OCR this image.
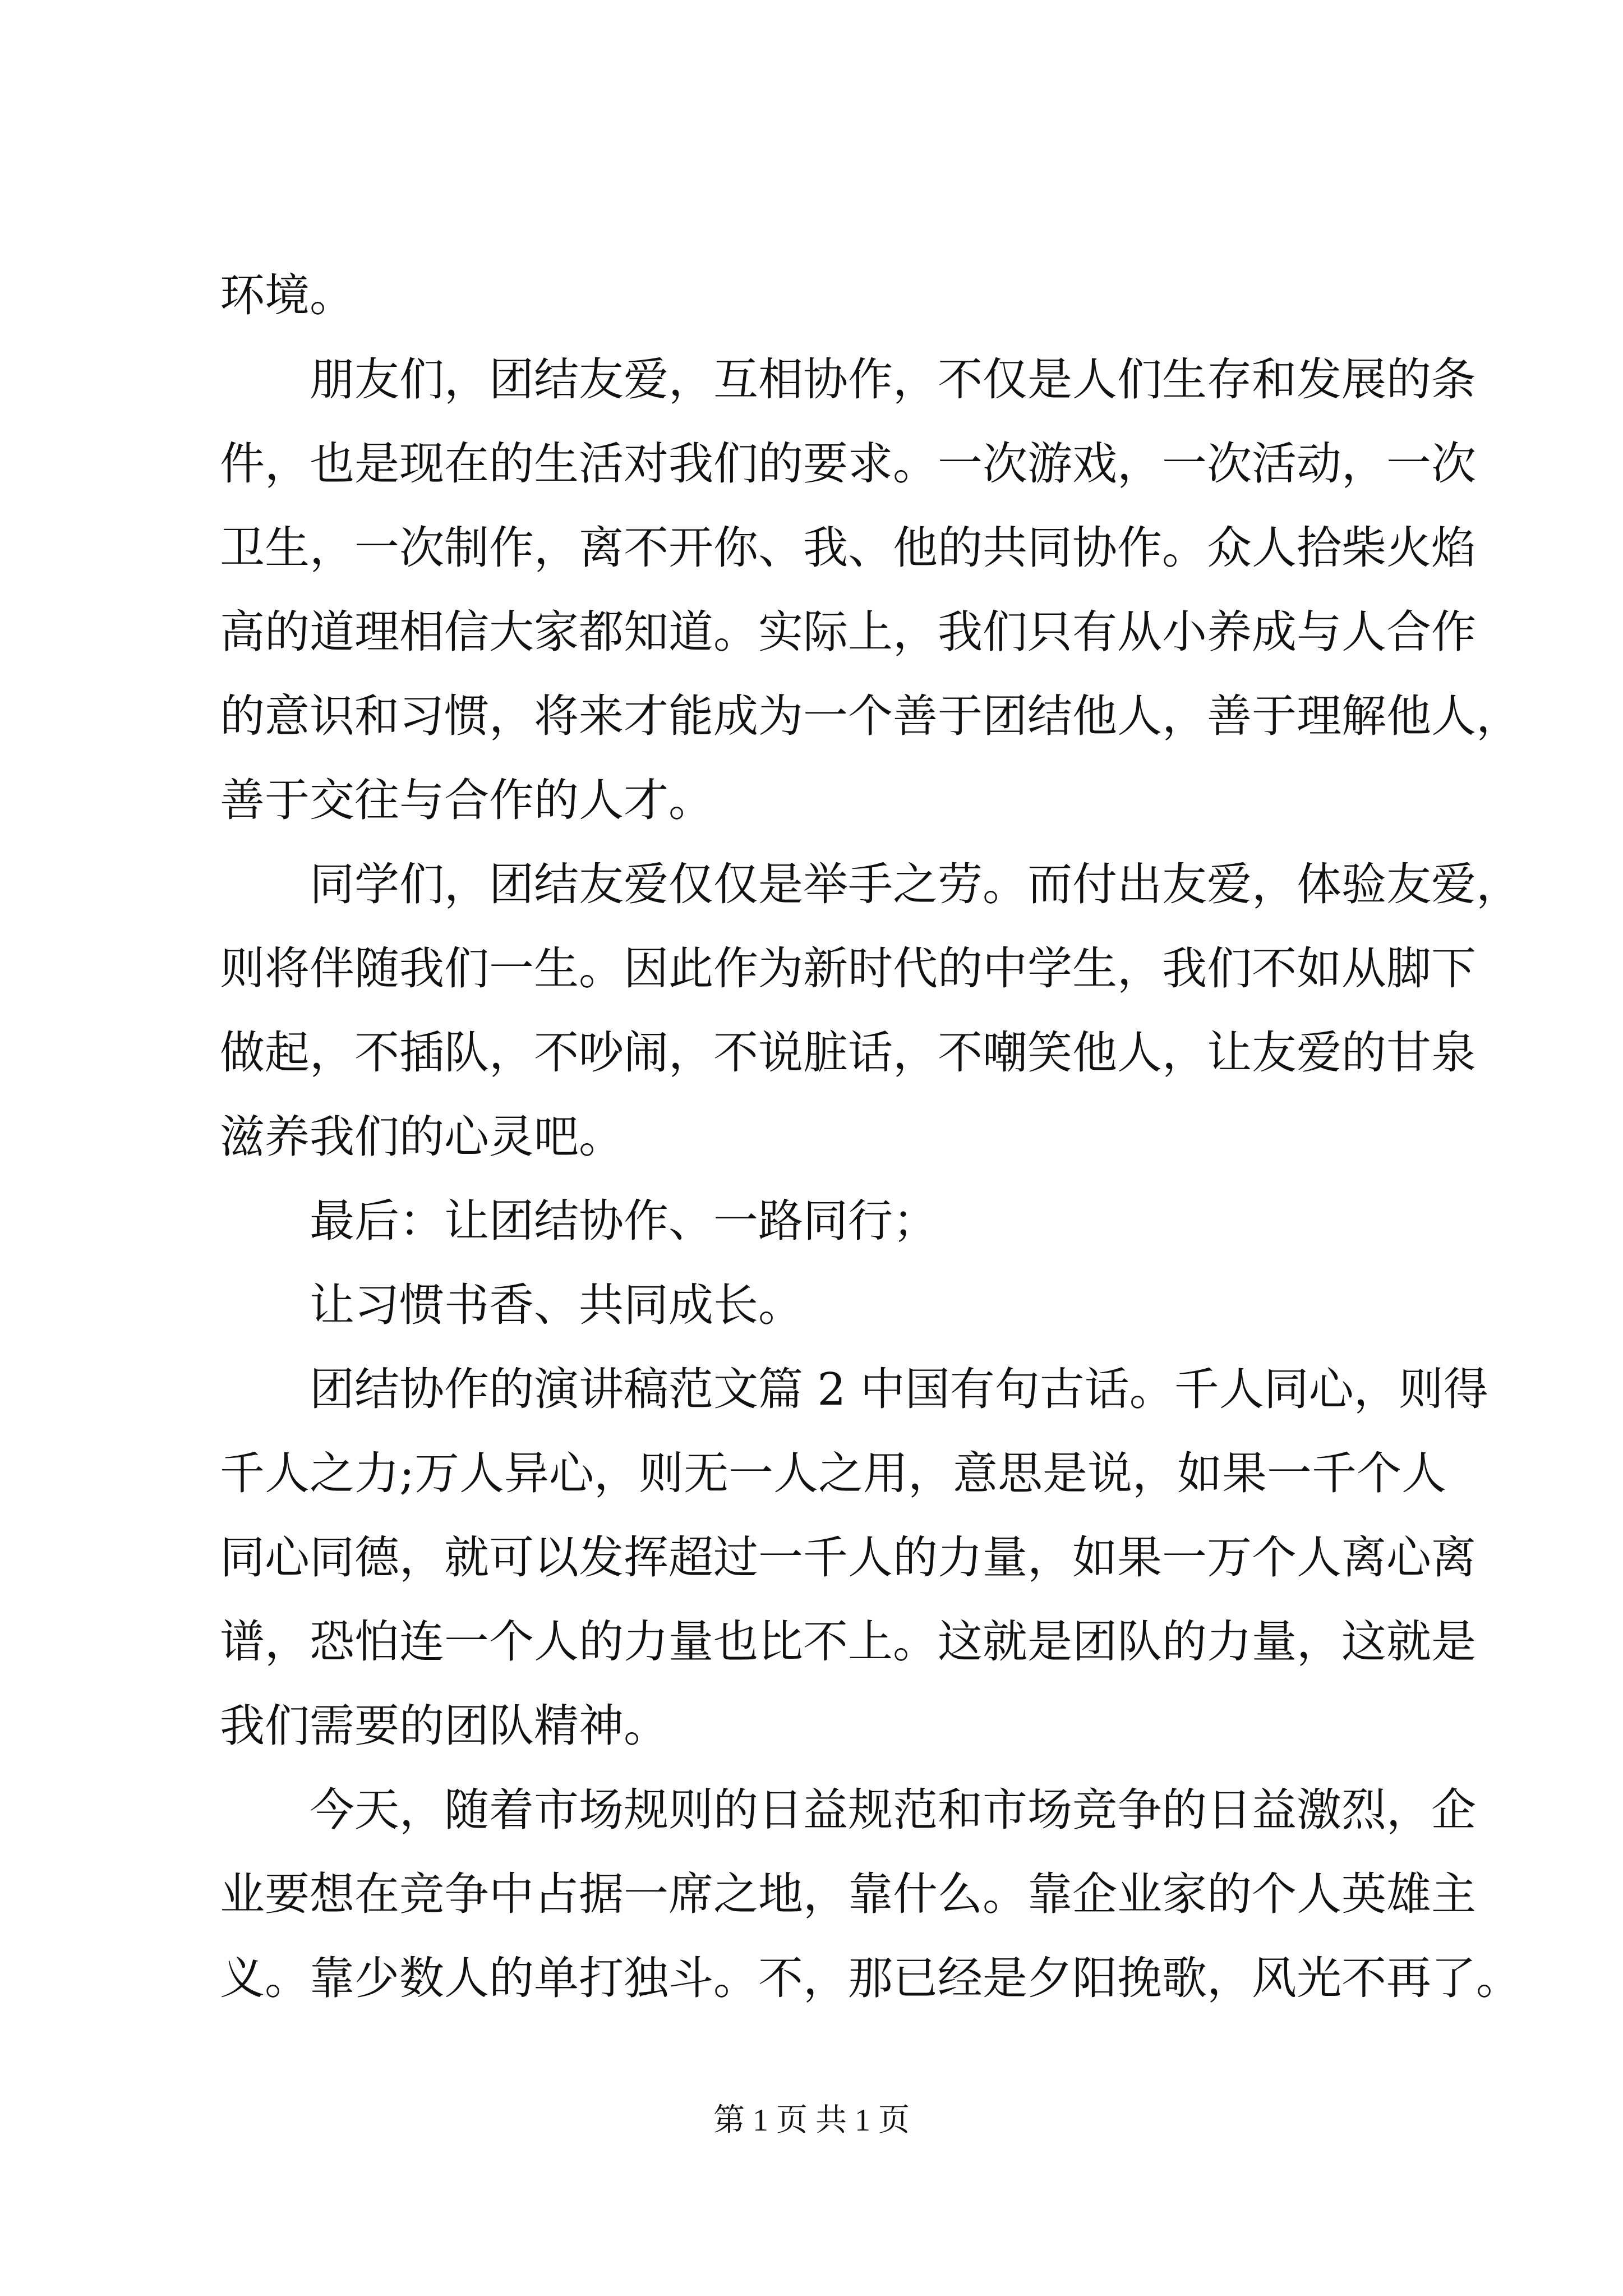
环境。
朋友们，团结友爱，互相协作，不仅是人们生存和发展的条
件，也是现在的生活对我们的要求。一次游戏，一次活动，一次
卫生，一次制作，离不开你、我、他的共同协作。众人拾柴火焰
高的道理相信大家都知道。实际上，我们只有从小养成与人合作
的意识和习惯，将来才能成为一个善于团结他人，善于理解他人，
善于交往与合作的人才。
同学们，团结友爱仅仅是举手之劳。而付出友爱，体验友爱，
则将伴随我们一生。因此作为新时代的中学生，我们不如从脚下
做起，不插队，不吵闹，不说脏话，不嘲笑他人，让友爱的甘泉
滋养我们的心灵吧。
最后：让团结协作、一路同行；
让习惯书香、共同成长。
团结协作的演讲稿范文篇 2 中国有句古话。千人同心，则得
千人之力;万人异心，则无一人之用，意思是说，如果一千个人
同心同德，就可以发挥超过一千人的力量，如果一万个人离心离
谱，恐怕连一个人的力量也比不上。这就是团队的力量，这就是
我们需要的团队精神。
今天，随着市场规则的日益规范和市场竞争的日益激烈，企
业要想在竞争中占据一席之地，靠什么。靠企业家的个人英雄主
义。靠少数人的单打独斗。不，那已经是夕阳挽歌，风光不再了。
第 1 页 共 1 页
